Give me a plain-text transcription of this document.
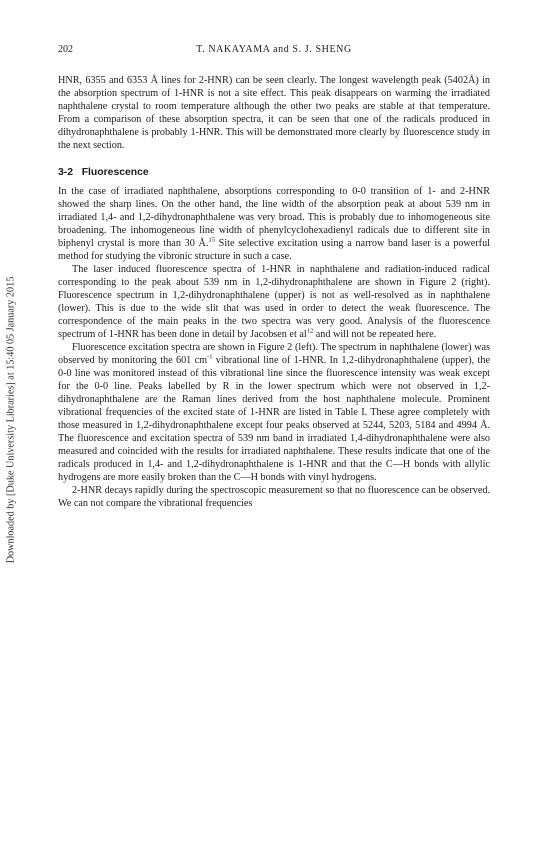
Downloaded by [Duke University Libraries] at 15:40 05 January 2015
202	T. NAKAYAMA and S. J. SHENG

HNR, 6355 and 6353 Å lines for 2-HNR) can be seen clearly. The longest wavelength peak (5402Å) in the absorption spectrum of 1-HNR is not a site effect. This peak disappears on warming the irradiated naphthalene crystal to room temperature although the other two peaks are stable at that temperature. From a comparison of these absorption spectra, it can be seen that one of the radicals produced in dihydronaphthalene is probably 1-HNR. This will be demonstrated more clearly by fluorescence study in the next section.

3-2 Fluorescence

In the case of irradiated naphthalene, absorptions corresponding to 0-0 transition of 1- and 2-HNR showed the sharp lines. On the other hand, the line width of the absorption peak at about 539 nm in irradiated 1,4- and 1,2-dihydronaphthalene was very broad. This is probably due to inhomogeneous site broadening. The inhomogeneous line width of phenylcyclohexadienyl radicals due to different site in biphenyl crystal is more than 30 Å.$^{15}$ Site selective excitation using a narrow band laser is a powerful method for studying the vibronic structure in such a case.

The laser induced fluorescence spectra of 1-HNR in naphthalene and radiation-induced radical corresponding to the peak about 539 nm in 1,2-dihydronaphthalene are shown in Figure 2 (right). Fluorescence spectrum in 1,2-dihydronaphthalene (upper) is not as well-resolved as in naphthalene (lower). This is due to the wide slit that was used in order to detect the weak fluorescence. The correspondence of the main peaks in the two spectra was very good. Analysis of the fluorescence spectrum of 1-HNR has been done in detail by Jacobsen et $al^{12}$ and will not be repeated here.

Fluorescence excitation spectra are shown in Figure 2 (left). The spectrum in naphthalene (lower) was observed by monitoring the 601 $cm^{-1}$ vibrational line of 1-HNR. In 1,2-dihydronaphthalene (upper), the 0-0 line was monitored instead of this vibrational line since the fluorescence intensity was weak except for the 0-0 line. Peaks labelled by R in the lower spectrum which were not observed in 1,2-dihydronaphthalene are the Raman lines derived from the host naphthalene molecule. Prominent vibrational frequencies of the excited state of 1-HNR are listed in Table I. These agree completely with those measured in 1,2-dihydronaphthalene except four peaks observed at 5244, 5203, 5184 and 4994 Å. The fluorescence and excitation spectra of 539 nm band in irradiated 1,4-dihydronaphthalene were also measured and coincided with the results for irradiated naphthalene. These results indicate that one of the radicals produced in 1,4- and 1,2-dihydronaphthalene is 1-HNR and that the C—H bonds with allylic hydrogens are more easily broken than the C—H bonds with vinyl hydrogens.

2-HNR decays rapidly during the spectroscopic measurement so that no fluorescence can be observed. We can not compare the vibrational frequencies
